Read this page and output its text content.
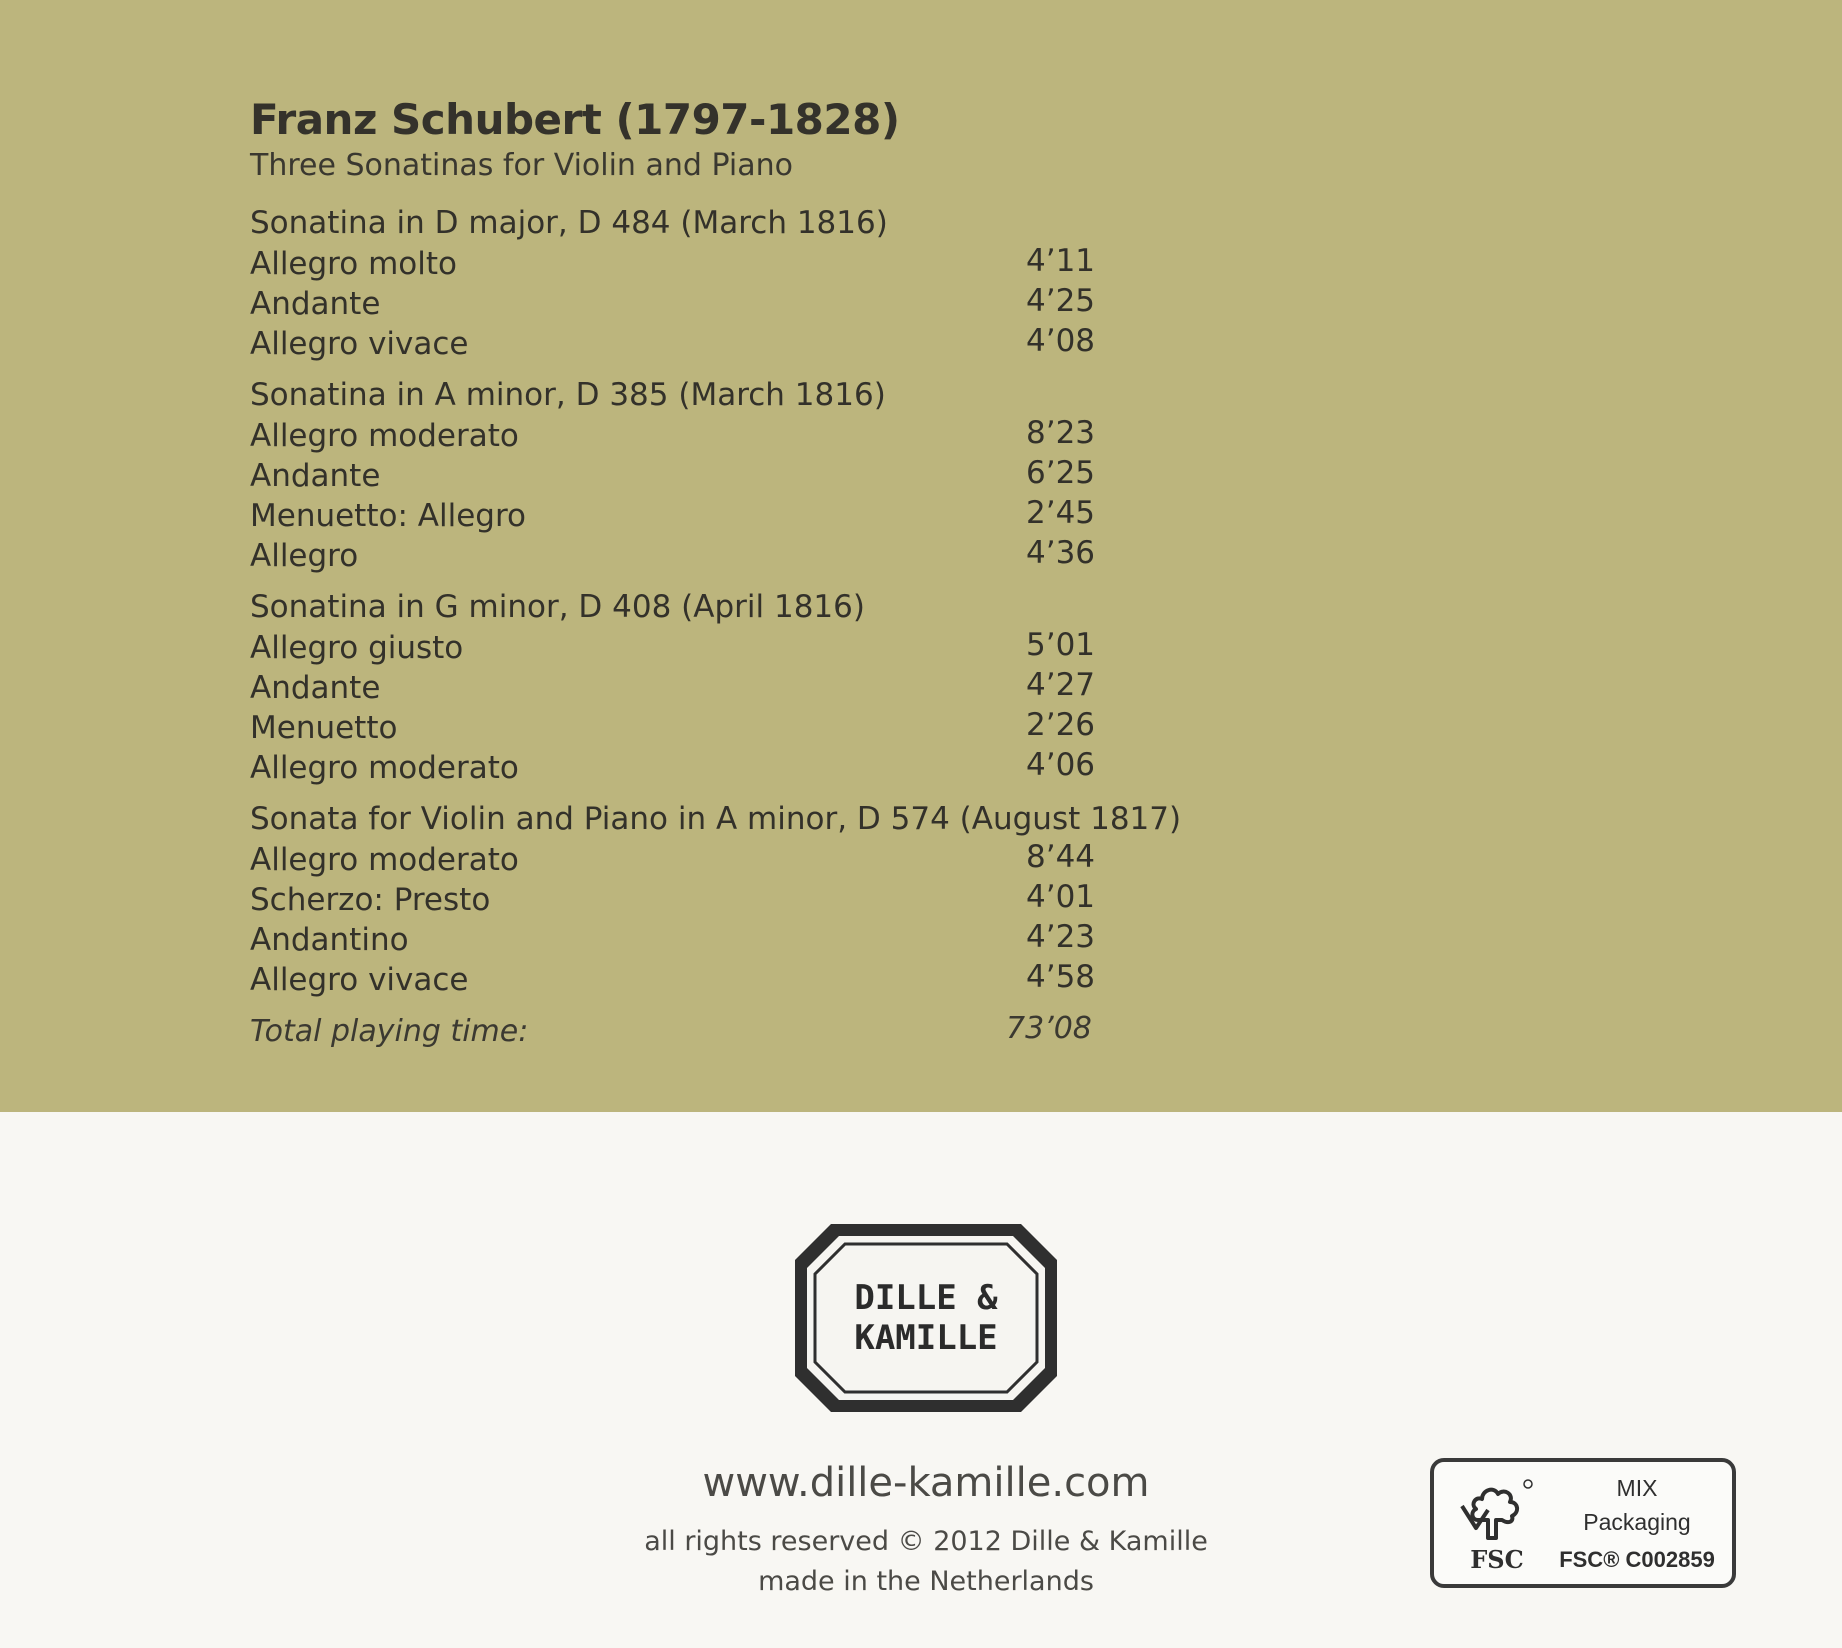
Franz Schubert (1797-1828)
Three Sonatinas for Violin and Piano
Sonatina in D major, D 484 (March 1816)
Allegro molto	4’11
Andante	4’25
Allegro vivace	4’08
Sonatina in A minor, D 385 (March 1816)
Allegro moderato	8’23
Andante	6’25
Menuetto: Allegro	2’45
Allegro	4’36
Sonatina in G minor, D 408 (April 1816)
Allegro giusto	5’01
Andante	4’27
Menuetto	2’26
Allegro moderato	4’06
Sonata for Violin and Piano in A minor, D 574 (August 1817)
Allegro moderato	8’44
Scherzo: Presto	4’01
Andantino	4’23
Allegro vivace	4’58
Total playing time:	73’08
DILLE &
KAMILLE
www.dille-kamille.com
all rights reserved © 2012 Dille & Kamille
made in the Netherlands
FSC
MIX
Packaging
FSC® C002859
